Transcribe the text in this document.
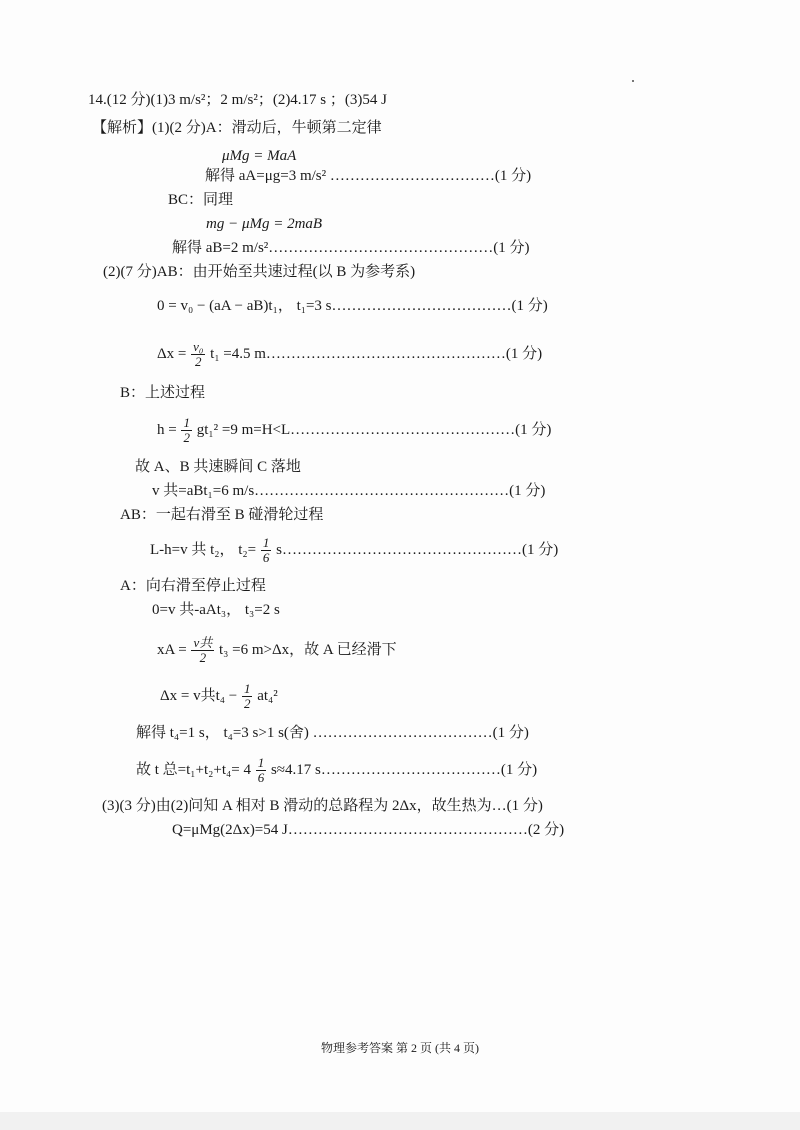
14.(12 分)(1)3 m/s²；2 m/s²；(2)4.17 s ；(3)54 J
【解析】(1)(2 分)A：滑动后，牛顿第二定律
μMg = MaA
解得 aA=μg=3 m/s² ……………………………(1 分)
BC：同理
mg − μMg = 2maB
解得 aB=2 m/s²………………………………………(1 分)
(2)(7 分)AB：由开始至共速过程(以 B 为参考系)
0 = v₀ − (aA − aB)t₁， t₁=3 s………………………………(1 分)
$\Delta x = \frac{\text{v₀}}{2} t_1 =4.5$ m…………………………………………(1 分)
B：上述过程
$h = \frac{1}{2} gt_1^2 =9$ m=H<L………………………………………(1 分)
故 A、B 共速瞬间 C 落地
v 共=aBt₁=6 m/s……………………………………………(1 分)
AB：一起右滑至 B 碰滑轮过程
L-h=v 共 t₂， $t_2= \frac{1}{6}$ s…………………………………………(1 分)
A：向右滑至停止过程
0=v 共-aAt₃， t₃=2 s
xA = $\frac{\text{v共}}{2} t_3 =6$ m>Δx，故 A 已经滑下
Δx = v共$t_4 - \frac{1}{2} at_4^2$
解得 t₄=1 s， t₄=3 s>1 s(舍) ………………………………(1 分)
故 t 总$=t_1+t_2+t_4= 4 \frac{1}{6} s\approx 4.17$ s………………………………(1 分)
(3)(3 分)由(2)问知 A 相对 B 滑动的总路程为 2Δx，故生热为…(1 分)
Q=μMg(2Δx)=54 J…………………………………………(2 分)
物理参考答案 第 2 页 (共 4 页)
